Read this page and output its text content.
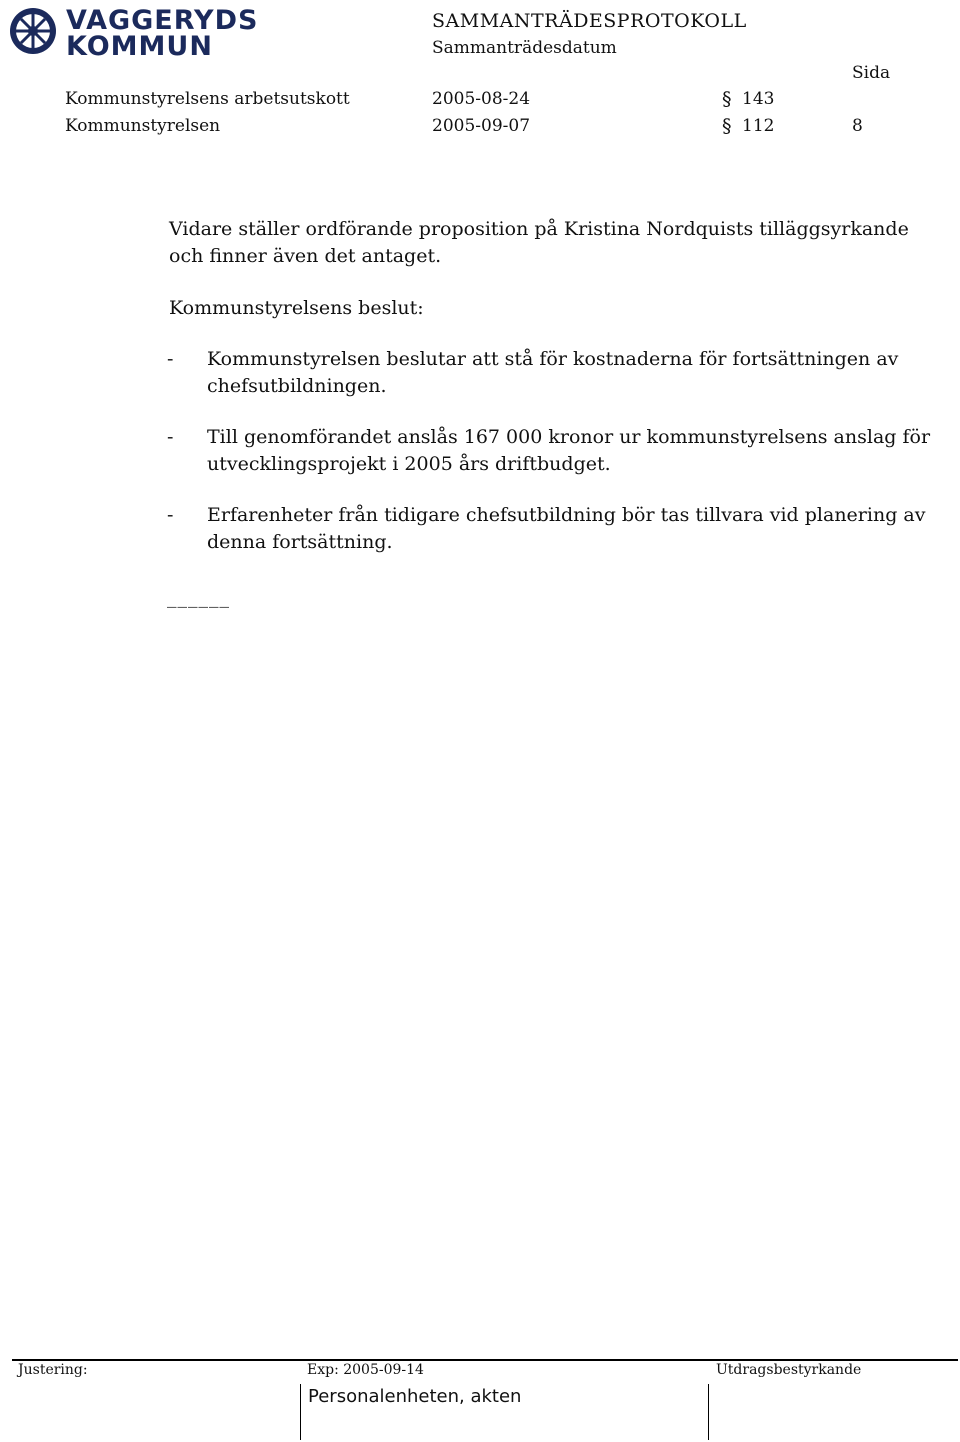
VAGGERYDS
KOMMUN
SAMMANTRÄDESPROTOKOLL
Sammanträdesdatum
Sida
Kommunstyrelsens arbetsutskott	2005-08-24	§ 143
Kommunstyrelsen	2005-09-07	§ 112	8
Vidare ställer ordförande proposition på Kristina Nordquists tilläggsyrkande
och finner även det antaget.
Kommunstyrelsens beslut:
- Kommunstyrelsen beslutar att stå för kostnaderna för fortsättningen av
chefsutbildningen.
- Till genomförandet anslås 167 000 kronor ur kommunstyrelsens anslag för
utvecklingsprojekt i 2005 års driftbudget.
- Erfarenheter från tidigare chefsutbildning bör tas tillvara vid planering av
denna fortsättning.
______
Justering:	Exp: 2005-09-14	Utdragsbestyrkande
Personalenheten, akten
